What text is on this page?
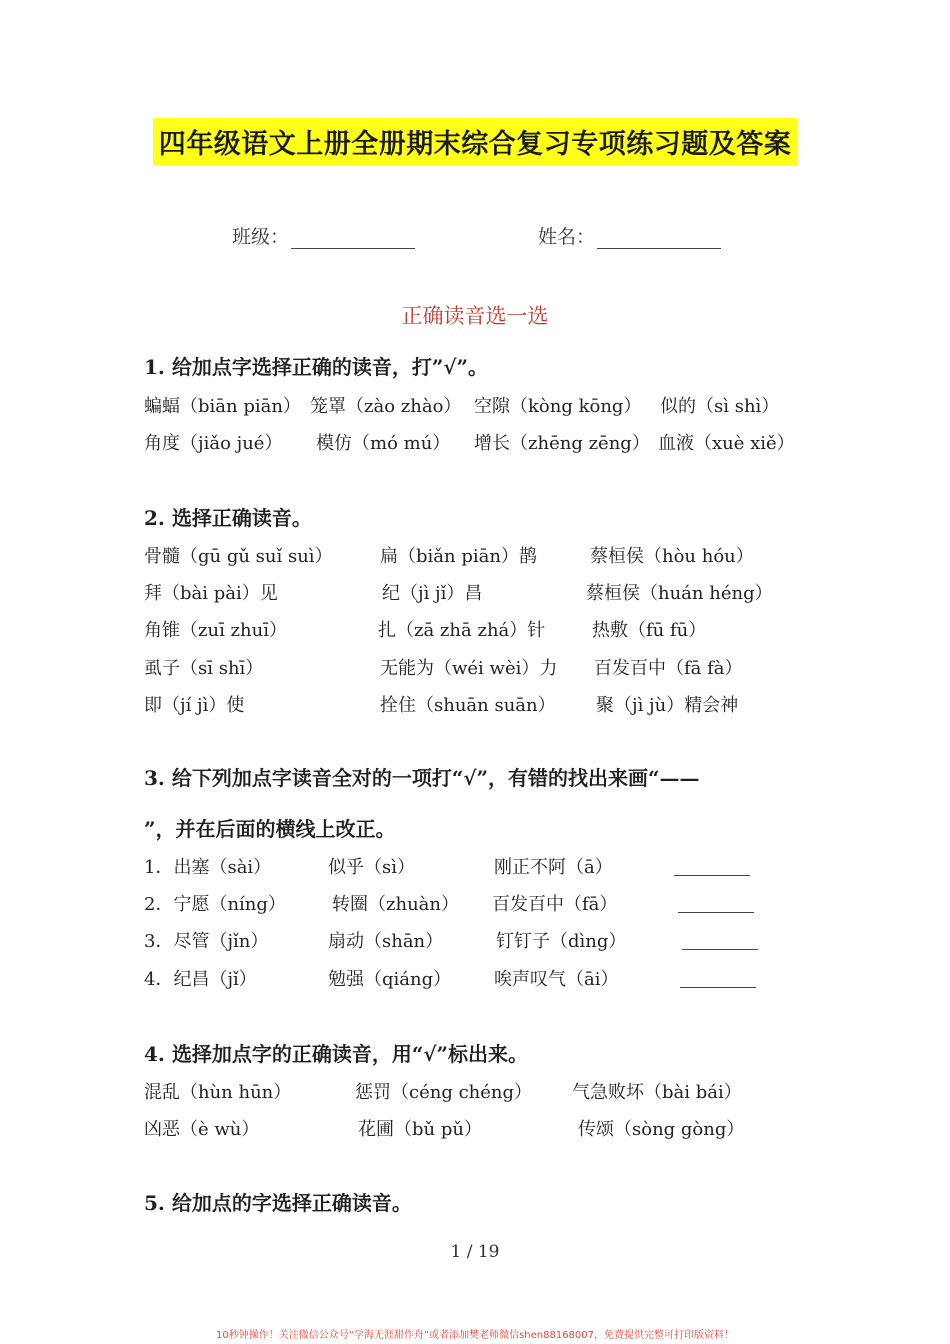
四年级语文上册全册期末综合复习专项练习题及答案
班级：	姓名：
正确读音选一选
1. 给加点字选择正确的读音，打”√”。
蝙蝠（biān piān） 笼罩（zào zhào） 空隙（kòng kōng） 似的（sì shì）
角度（jiǎo jué） 模仿（mó mú） 增长（zhēng zēng） 血液（xuè xiě）
2. 选择正确读音。
骨髓（gū gǔ suǐ suì）	扁（biǎn piān）鹊	蔡桓侯（hòu hóu）
拜（bài pài）见	纪（jì jǐ）昌	蔡桓侯（huán héng）
角锥（zuī zhuī）	扎（zā zhā zhá）针	热敷（fū fū）
虱子（sī shī）	无能为（wéi wèi）力 百发百中（fā fà）
即（jí jì）使	拴住（shuān suān） 聚（jì jù）精会神
3. 给下列加点字读音全对的一项打“√”，有错的找出来画“——
”，并在后面的横线上改正。
1．出塞（sài）	似乎（sì）	刚正不阿（ā）
2．宁愿（níng）	转圈（zhuàn） 百发百中（fā）
3．尽管（jǐn）	扇动（shān）	钉钉子（dìng）
4．纪昌（jǐ）	勉强（qiáng） 唉声叹气（āi）
4. 选择加点字的正确读音，用“√”标出来。
混乱（hùn hūn）	惩罚（céng chéng） 气急败坏（bài bái）
凶恶（è wù）	花圃（bǔ pǔ）	传颂（sòng gòng）
5. 给加点的字选择正确读音。
1 / 19
10秒钟操作！关注微信公众号“学海无涯甜作舟”或者添加樊老师微信shen88168007，免费提供完整可打印版资料！
